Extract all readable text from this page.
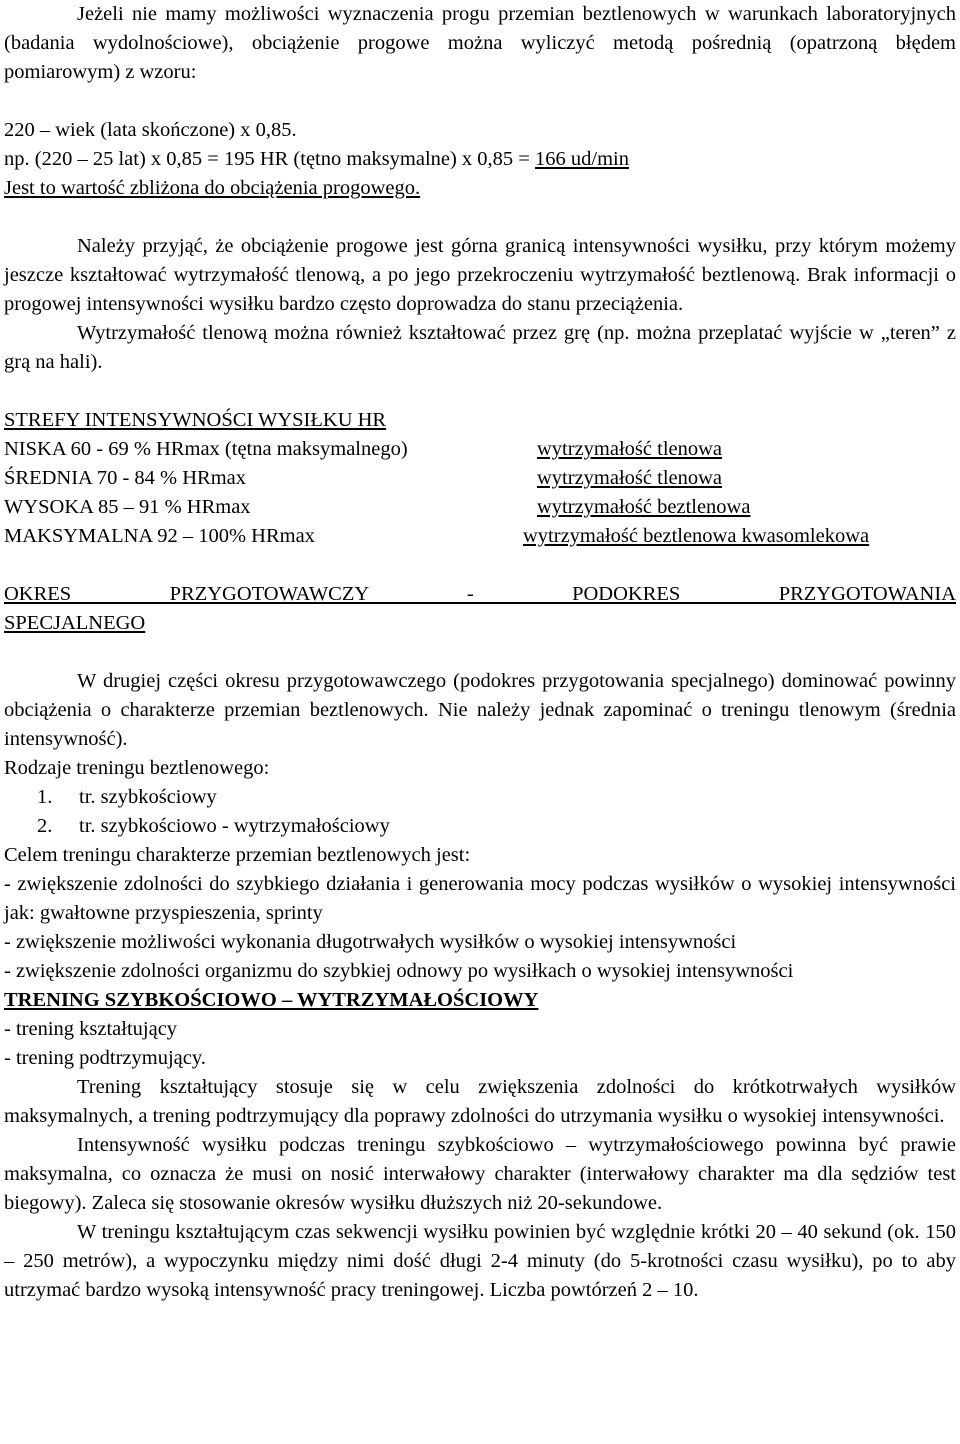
Jeżeli nie mamy możliwości wyznaczenia progu przemian beztlenowych w warunkach laboratoryjnych (badania wydolnościowe), obciążenie progowe można wyliczyć metodą pośrednią (opatrzoną błędem pomiarowym) z wzoru:

220 – wiek (lata skończone) x 0,85.

np. (220 – 25 lat) x 0,85 = 195 HR (tętno maksymalne) x 0,85 = 166 ud/min

Jest to wartość zbliżona do obciążenia progowego.

Należy przyjąć, że obciążenie progowe jest górna granicą intensywności wysiłku, przy którym możemy jeszcze kształtować wytrzymałość tlenową, a po jego przekroczeniu wytrzymałość beztlenową. Brak informacji o progowej intensywności wysiłku bardzo często doprowadza do stanu przeciążenia.

Wytrzymałość tlenową można również kształtować przez grę (np. można przeplatać wyjście w „teren” z grą na hali).

STREFY INTENSYWNOŚCI WYSIŁKU HR

NISKA 60 - 69 % HRmax (tętna maksymalnego)	wytrzymałość tlenowa
ŚREDNIA 70 - 84 % HRmax	wytrzymałość tlenowa
WYSOKA 85 – 91 % HRmax	wytrzymałość beztlenowa
MAKSYMALNA 92 – 100% HRmax	wytrzymałość beztlenowa kwasomlekowa

OKRES PRZYGOTOWAWCZY - PODOKRES PRZYGOTOWANIA

SPECJALNEGO

W drugiej części okresu przygotowawczego (podokres przygotowania specjalnego) dominować powinny obciążenia o charakterze przemian beztlenowych. Nie należy jednak zapominać o treningu tlenowym (średnia intensywność).

Rodzaje treningu beztlenowego:

1. tr. szybkościowy
2. tr. szybkościowo - wytrzymałościowy

Celem treningu charakterze przemian beztlenowych jest:

- zwiększenie zdolności do szybkiego działania i generowania mocy podczas wysiłków o wysokiej intensywności jak: gwałtowne przyspieszenia, sprinty

- zwiększenie możliwości wykonania długotrwałych wysiłków o wysokiej intensywności

- zwiększenie zdolności organizmu do szybkiej odnowy po wysiłkach o wysokiej intensywności

TRENING SZYBKOŚCIOWO – WYTRZYMAŁOŚCIOWY

- trening kształtujący

- trening podtrzymujący.

Trening kształtujący stosuje się w celu zwiększenia zdolności do krótkotrwałych wysiłków maksymalnych, a trening podtrzymujący dla poprawy zdolności do utrzymania wysiłku o wysokiej intensywności.

Intensywność wysiłku podczas treningu szybkościowo – wytrzymałościowego powinna być prawie maksymalna, co oznacza że musi on nosić interwałowy charakter (interwałowy charakter ma dla sędziów test biegowy). Zaleca się stosowanie okresów wysiłku dłuższych niż 20-sekundowe.

W treningu kształtującym czas sekwencji wysiłku powinien być względnie krótki 20 – 40 sekund (ok. 150 – 250 metrów), a wypoczynku między nimi dość długi 2-4 minuty (do 5-krotności czasu wysiłku), po to aby utrzymać bardzo wysoką intensywność pracy treningowej. Liczba powtórzeń 2 – 10.
